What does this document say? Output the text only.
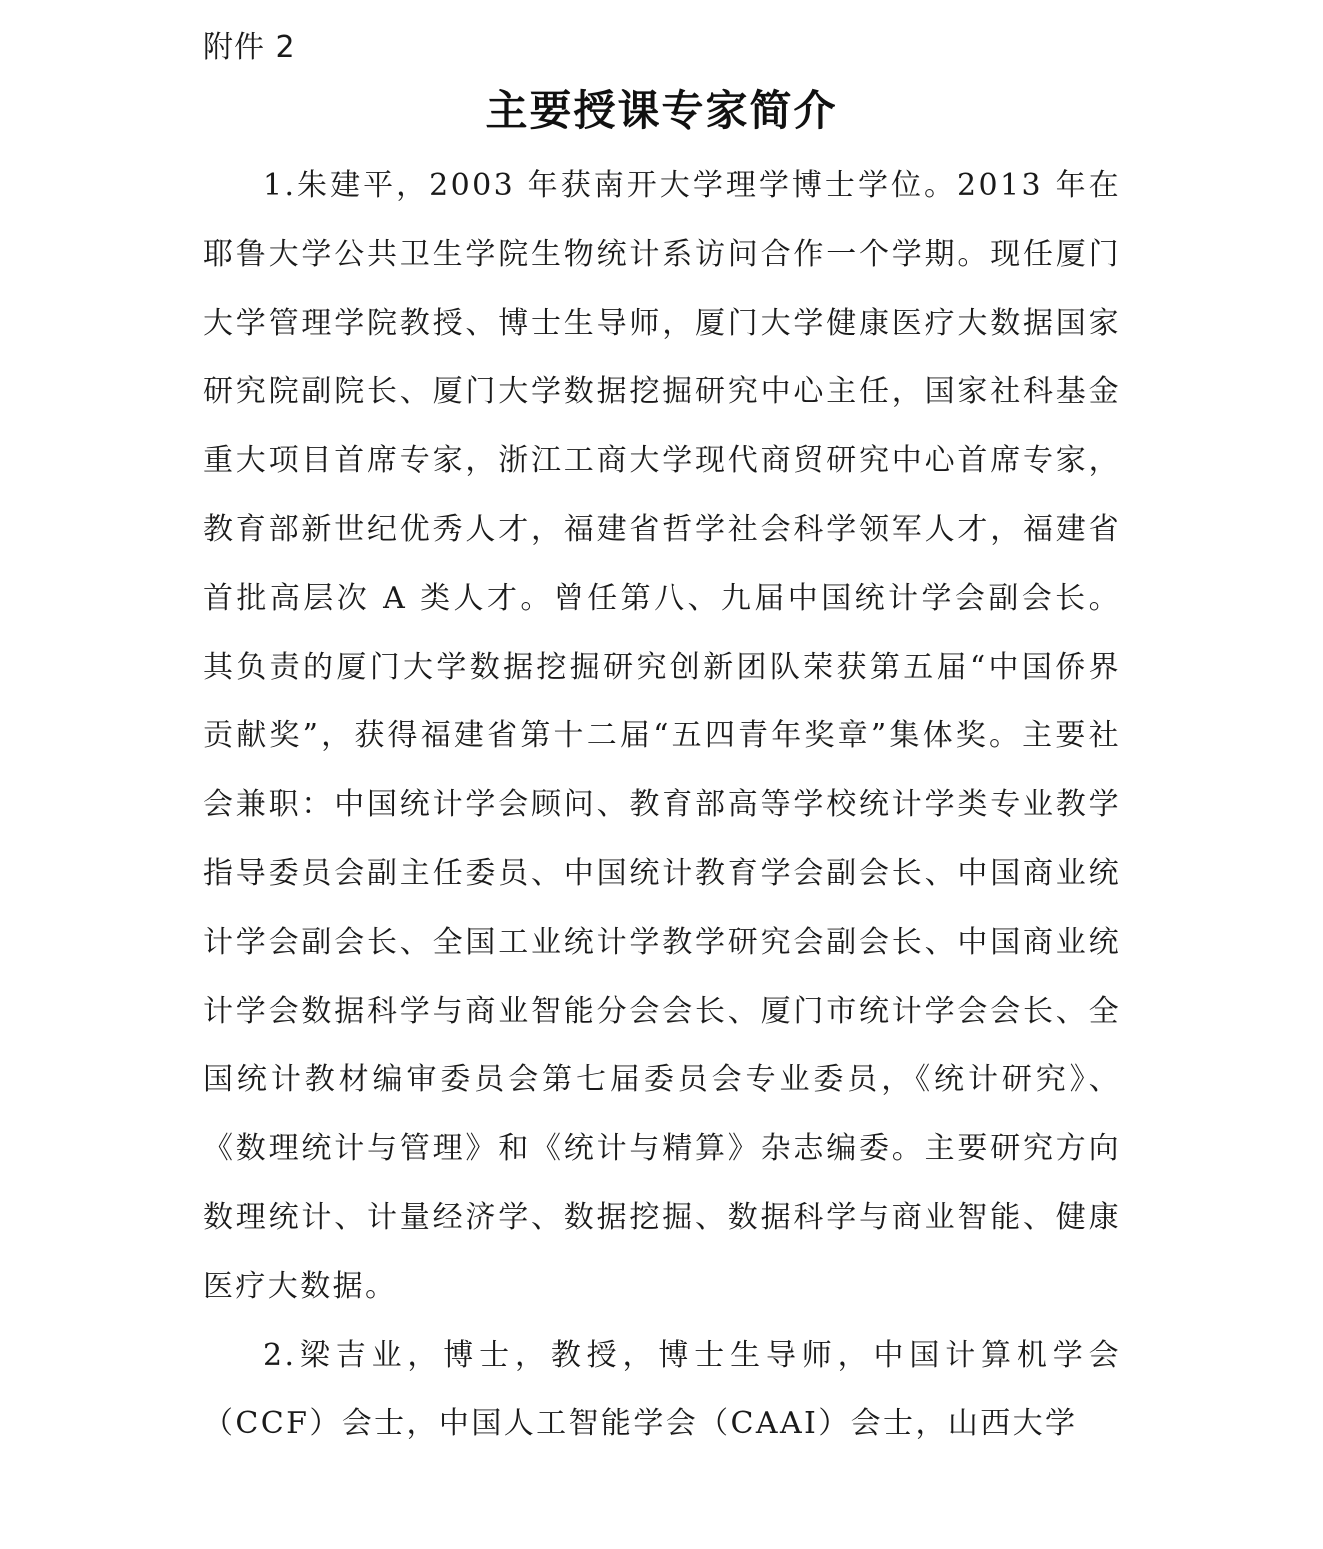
附件 2
主要授课专家简介

1.朱建平，2003 年获南开大学理学博士学位。2013 年在耶鲁大学公共卫生学院生物统计系访问合作一个学期。现任厦门大学管理学院教授、博士生导师，厦门大学健康医疗大数据国家研究院副院长、厦门大学数据挖掘研究中心主任，国家社科基金重大项目首席专家，浙江工商大学现代商贸研究中心首席专家，教育部新世纪优秀人才，福建省哲学社会科学领军人才，福建省首批高层次 A 类人才。曾任第八、九届中国统计学会副会长。其负责的厦门大学数据挖掘研究创新团队荣获第五届“中国侨界贡献奖”，获得福建省第十二届“五四青年奖章”集体奖。主要社会兼职：中国统计学会顾问、教育部高等学校统计学类专业教学指导委员会副主任委员、中国统计教育学会副会长、中国商业统计学会副会长、全国工业统计学教学研究会副会长、中国商业统计学会数据科学与商业智能分会会长、厦门市统计学会会长、全国统计教材编审委员会第七届委员会专业委员，《统计研究》、《数理统计与管理》和《统计与精算》杂志编委。主要研究方向数理统计、计量经济学、数据挖掘、数据科学与商业智能、健康医疗大数据。

2.梁吉业，博士，教授，博士生导师，中国计算机学会（CCF）会士，中国人工智能学会（CAAI）会士，山西大学
